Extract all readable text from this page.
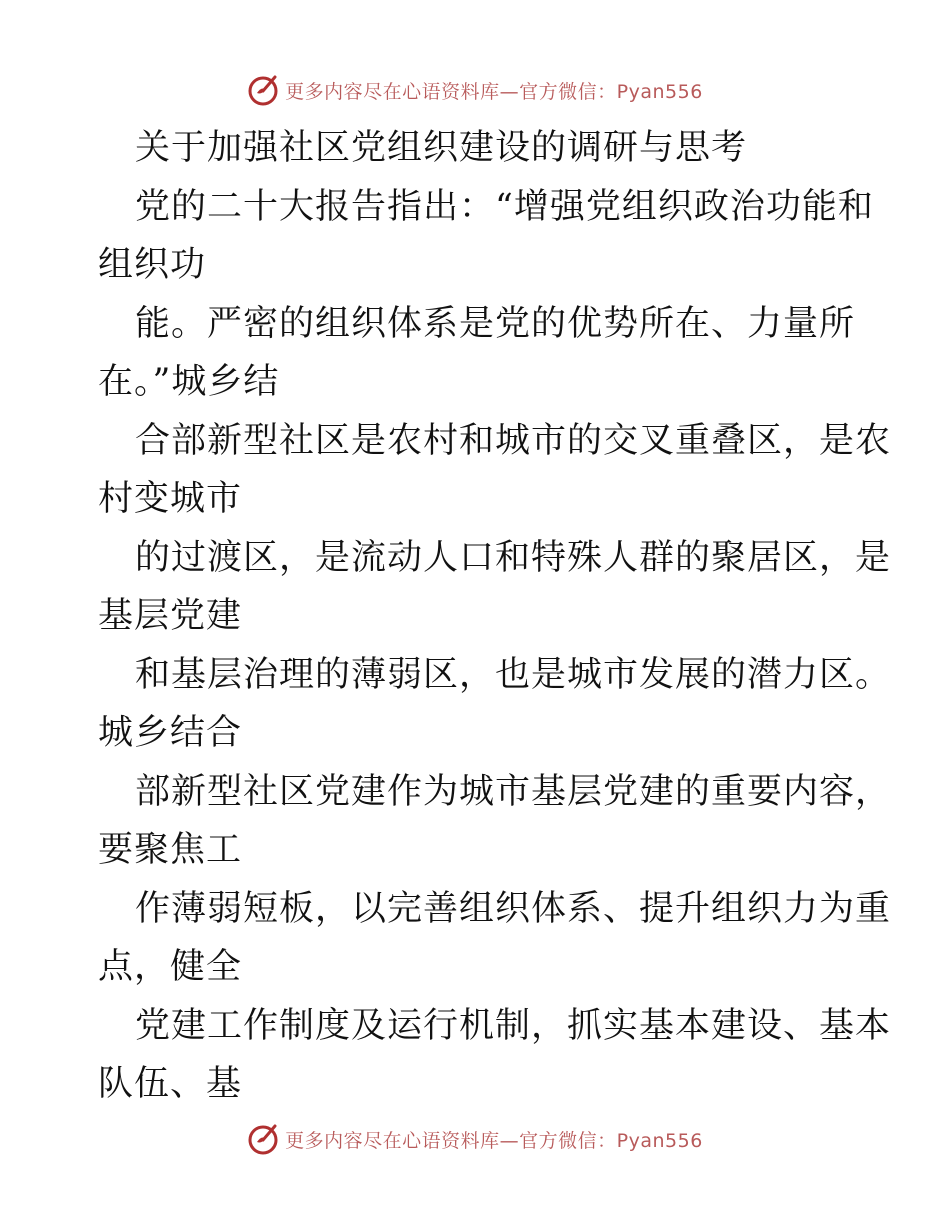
更多内容尽在心语资料库—官方微信：Pyan556
关于加强社区党组织建设的调研与思考
党的二十大报告指出：“增强党组织政治功能和
组织功
能。严密的组织体系是党的优势所在、力量所
在。”城乡结
合部新型社区是农村和城市的交叉重叠区，是农
村变城市
的过渡区，是流动人口和特殊人群的聚居区，是
基层党建
和基层治理的薄弱区，也是城市发展的潜力区。
城乡结合
部新型社区党建作为城市基层党建的重要内容，
要聚焦工
作薄弱短板，以完善组织体系、提升组织力为重
点，健全
党建工作制度及运行机制，抓实基本建设、基本
队伍、基
更多内容尽在心语资料库—官方微信：Pyan556
